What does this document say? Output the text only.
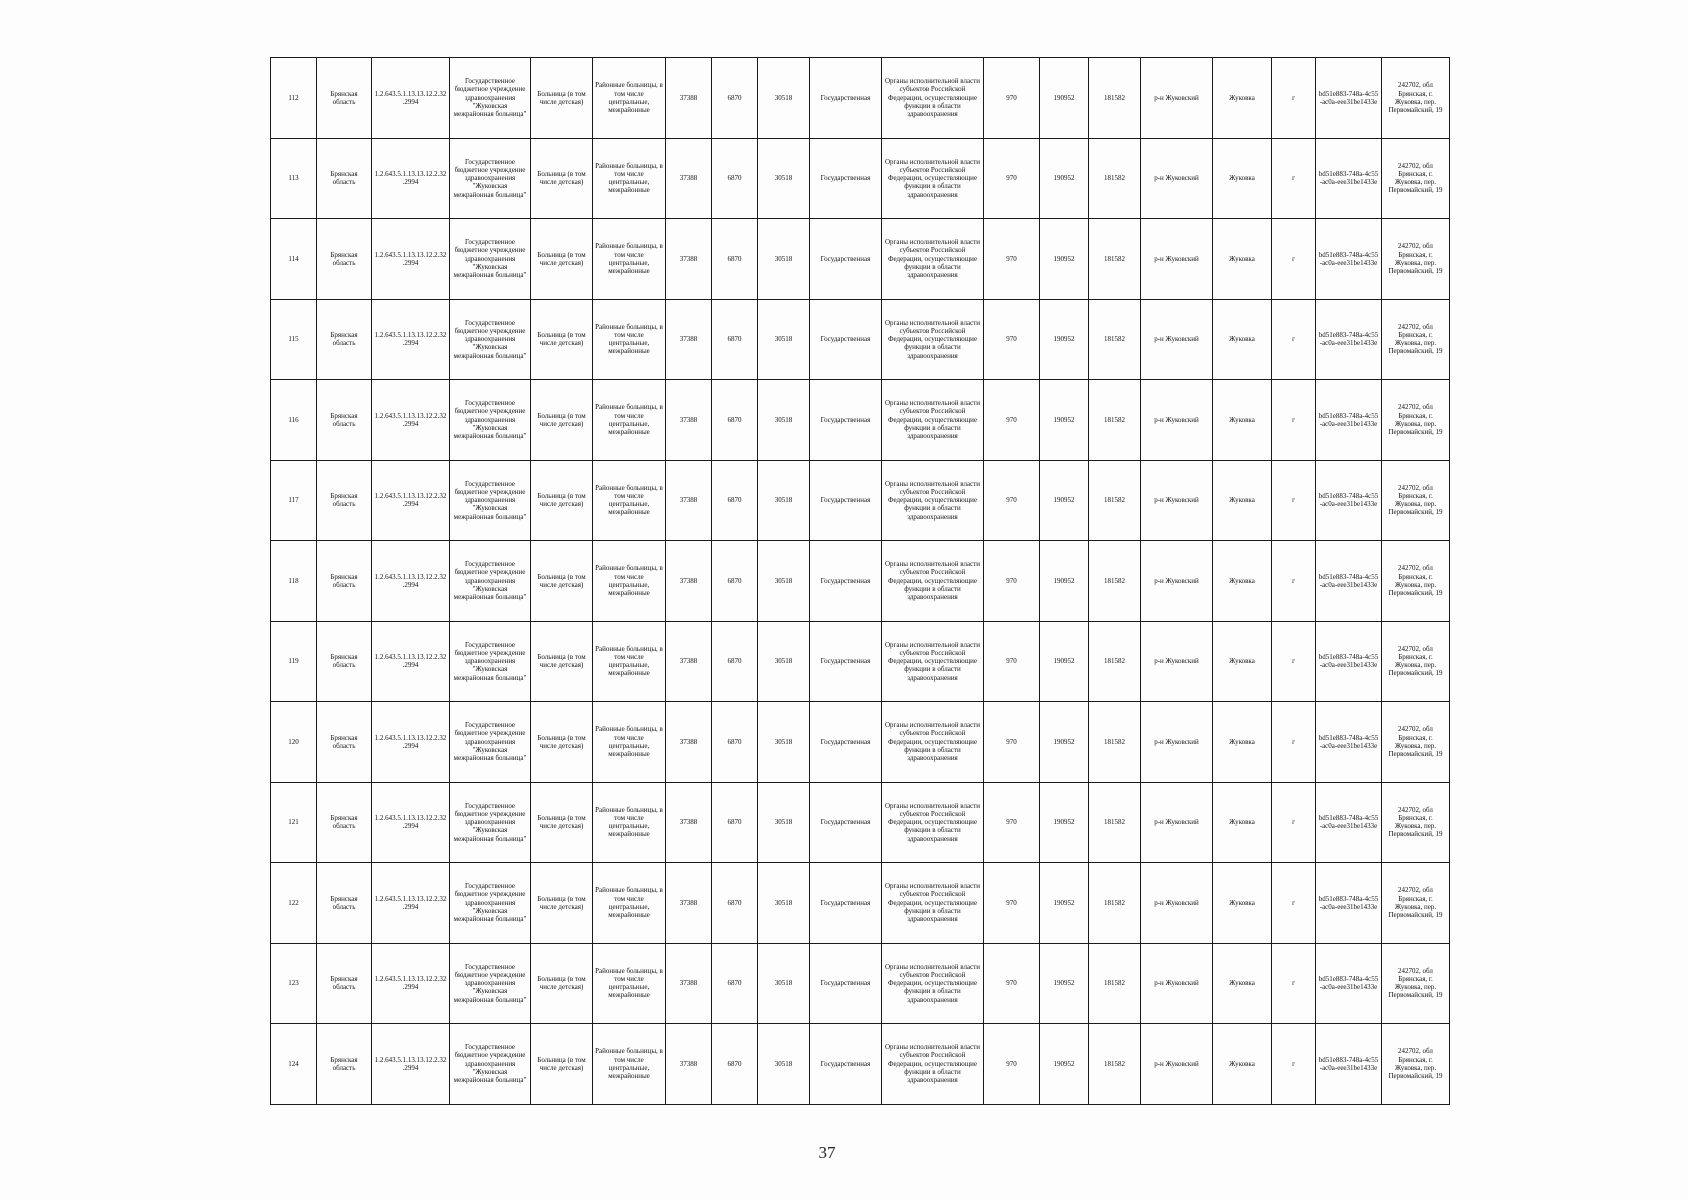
112	Брянская область	1.2.643.5.1.13.13.12.2.32.2994	Государственное бюджетное учреждение здравоохранения "Жуковская межрайонная больница"	Больница (в том числе детская)	Районные больницы, в том числе центральные, межрайонные	37388	6870	30518	Государственная	Органы исполнительной власти субъектов Российской Федерации, осуществляющие функции в области здравоохранения	970	190952	181582	р-н Жуковский	Жуковка	г	bd51e883-748a-4c55-ac0a-eee31be1433e	242702, обл Брянская, г. Жуковка, пер. Первомайский, 19
113	Брянская область	1.2.643.5.1.13.13.12.2.32.2994	Государственное бюджетное учреждение здравоохранения "Жуковская межрайонная больница"	Больница (в том числе детская)	Районные больницы, в том числе центральные, межрайонные	37388	6870	30518	Государственная	Органы исполнительной власти субъектов Российской Федерации, осуществляющие функции в области здравоохранения	970	190952	181582	р-н Жуковский	Жуковка	г	bd51e883-748a-4c55-ac0a-eee31be1433e	242702, обл Брянская, г. Жуковка, пер. Первомайский, 19
114	Брянская область	1.2.643.5.1.13.13.12.2.32.2994	Государственное бюджетное учреждение здравоохранения "Жуковская межрайонная больница"	Больница (в том числе детская)	Районные больницы, в том числе центральные, межрайонные	37388	6870	30518	Государственная	Органы исполнительной власти субъектов Российской Федерации, осуществляющие функции в области здравоохранения	970	190952	181582	р-н Жуковский	Жуковка	г	bd51e883-748a-4c55-ac0a-eee31be1433e	242702, обл Брянская, г. Жуковка, пер. Первомайский, 19
115	Брянская область	1.2.643.5.1.13.13.12.2.32.2994	Государственное бюджетное учреждение здравоохранения "Жуковская межрайонная больница"	Больница (в том числе детская)	Районные больницы, в том числе центральные, межрайонные	37388	6870	30518	Государственная	Органы исполнительной власти субъектов Российской Федерации, осуществляющие функции в области здравоохранения	970	190952	181582	р-н Жуковский	Жуковка	г	bd51e883-748a-4c55-ac0a-eee31be1433e	242702, обл Брянская, г. Жуковка, пер. Первомайский, 19
116	Брянская область	1.2.643.5.1.13.13.12.2.32.2994	Государственное бюджетное учреждение здравоохранения "Жуковская межрайонная больница"	Больница (в том числе детская)	Районные больницы, в том числе центральные, межрайонные	37388	6870	30518	Государственная	Органы исполнительной власти субъектов Российской Федерации, осуществляющие функции в области здравоохранения	970	190952	181582	р-н Жуковский	Жуковка	г	bd51e883-748a-4c55-ac0a-eee31be1433e	242702, обл Брянская, г. Жуковка, пер. Первомайский, 19
117	Брянская область	1.2.643.5.1.13.13.12.2.32.2994	Государственное бюджетное учреждение здравоохранения "Жуковская межрайонная больница"	Больница (в том числе детская)	Районные больницы, в том числе центральные, межрайонные	37388	6870	30518	Государственная	Органы исполнительной власти субъектов Российской Федерации, осуществляющие функции в области здравоохранения	970	190952	181582	р-н Жуковский	Жуковка	г	bd51e883-748a-4c55-ac0a-eee31be1433e	242702, обл Брянская, г. Жуковка, пер. Первомайский, 19
118	Брянская область	1.2.643.5.1.13.13.12.2.32.2994	Государственное бюджетное учреждение здравоохранения "Жуковская межрайонная больница"	Больница (в том числе детская)	Районные больницы, в том числе центральные, межрайонные	37388	6870	30518	Государственная	Органы исполнительной власти субъектов Российской Федерации, осуществляющие функции в области здравоохранения	970	190952	181582	р-н Жуковский	Жуковка	г	bd51e883-748a-4c55-ac0a-eee31be1433e	242702, обл Брянская, г. Жуковка, пер. Первомайский, 19
119	Брянская область	1.2.643.5.1.13.13.12.2.32.2994	Государственное бюджетное учреждение здравоохранения "Жуковская межрайонная больница"	Больница (в том числе детская)	Районные больницы, в том числе центральные, межрайонные	37388	6870	30518	Государственная	Органы исполнительной власти субъектов Российской Федерации, осуществляющие функции в области здравоохранения	970	190952	181582	р-н Жуковский	Жуковка	г	bd51e883-748a-4c55-ac0a-eee31be1433e	242702, обл Брянская, г. Жуковка, пер. Первомайский, 19
120	Брянская область	1.2.643.5.1.13.13.12.2.32.2994	Государственное бюджетное учреждение здравоохранения "Жуковская межрайонная больница"	Больница (в том числе детская)	Районные больницы, в том числе центральные, межрайонные	37388	6870	30518	Государственная	Органы исполнительной власти субъектов Российской Федерации, осуществляющие функции в области здравоохранения	970	190952	181582	р-н Жуковский	Жуковка	г	bd51e883-748a-4c55-ac0a-eee31be1433e	242702, обл Брянская, г. Жуковка, пер. Первомайский, 19
121	Брянская область	1.2.643.5.1.13.13.12.2.32.2994	Государственное бюджетное учреждение здравоохранения "Жуковская межрайонная больница"	Больница (в том числе детская)	Районные больницы, в том числе центральные, межрайонные	37388	6870	30518	Государственная	Органы исполнительной власти субъектов Российской Федерации, осуществляющие функции в области здравоохранения	970	190952	181582	р-н Жуковский	Жуковка	г	bd51e883-748a-4c55-ac0a-eee31be1433e	242702, обл Брянская, г. Жуковка, пер. Первомайский, 19
122	Брянская область	1.2.643.5.1.13.13.12.2.32.2994	Государственное бюджетное учреждение здравоохранения "Жуковская межрайонная больница"	Больница (в том числе детская)	Районные больницы, в том числе центральные, межрайонные	37388	6870	30518	Государственная	Органы исполнительной власти субъектов Российской Федерации, осуществляющие функции в области здравоохранения	970	190952	181582	р-н Жуковский	Жуковка	г	bd51e883-748a-4c55-ac0a-eee31be1433e	242702, обл Брянская, г. Жуковка, пер. Первомайский, 19
123	Брянская область	1.2.643.5.1.13.13.12.2.32.2994	Государственное бюджетное учреждение здравоохранения "Жуковская межрайонная больница"	Больница (в том числе детская)	Районные больницы, в том числе центральные, межрайонные	37388	6870	30518	Государственная	Органы исполнительной власти субъектов Российской Федерации, осуществляющие функции в области здравоохранения	970	190952	181582	р-н Жуковский	Жуковка	г	bd51e883-748a-4c55-ac0a-eee31be1433e	242702, обл Брянская, г. Жуковка, пер. Первомайский, 19
124	Брянская область	1.2.643.5.1.13.13.12.2.32.2994	Государственное бюджетное учреждение здравоохранения "Жуковская межрайонная больница"	Больница (в том числе детская)	Районные больницы, в том числе центральные, межрайонные	37388	6870	30518	Государственная	Органы исполнительной власти субъектов Российской Федерации, осуществляющие функции в области здравоохранения	970	190952	181582	р-н Жуковский	Жуковка	г	bd51e883-748a-4c55-ac0a-eee31be1433e	242702, обл Брянская, г. Жуковка, пер. Первомайский, 19
37
